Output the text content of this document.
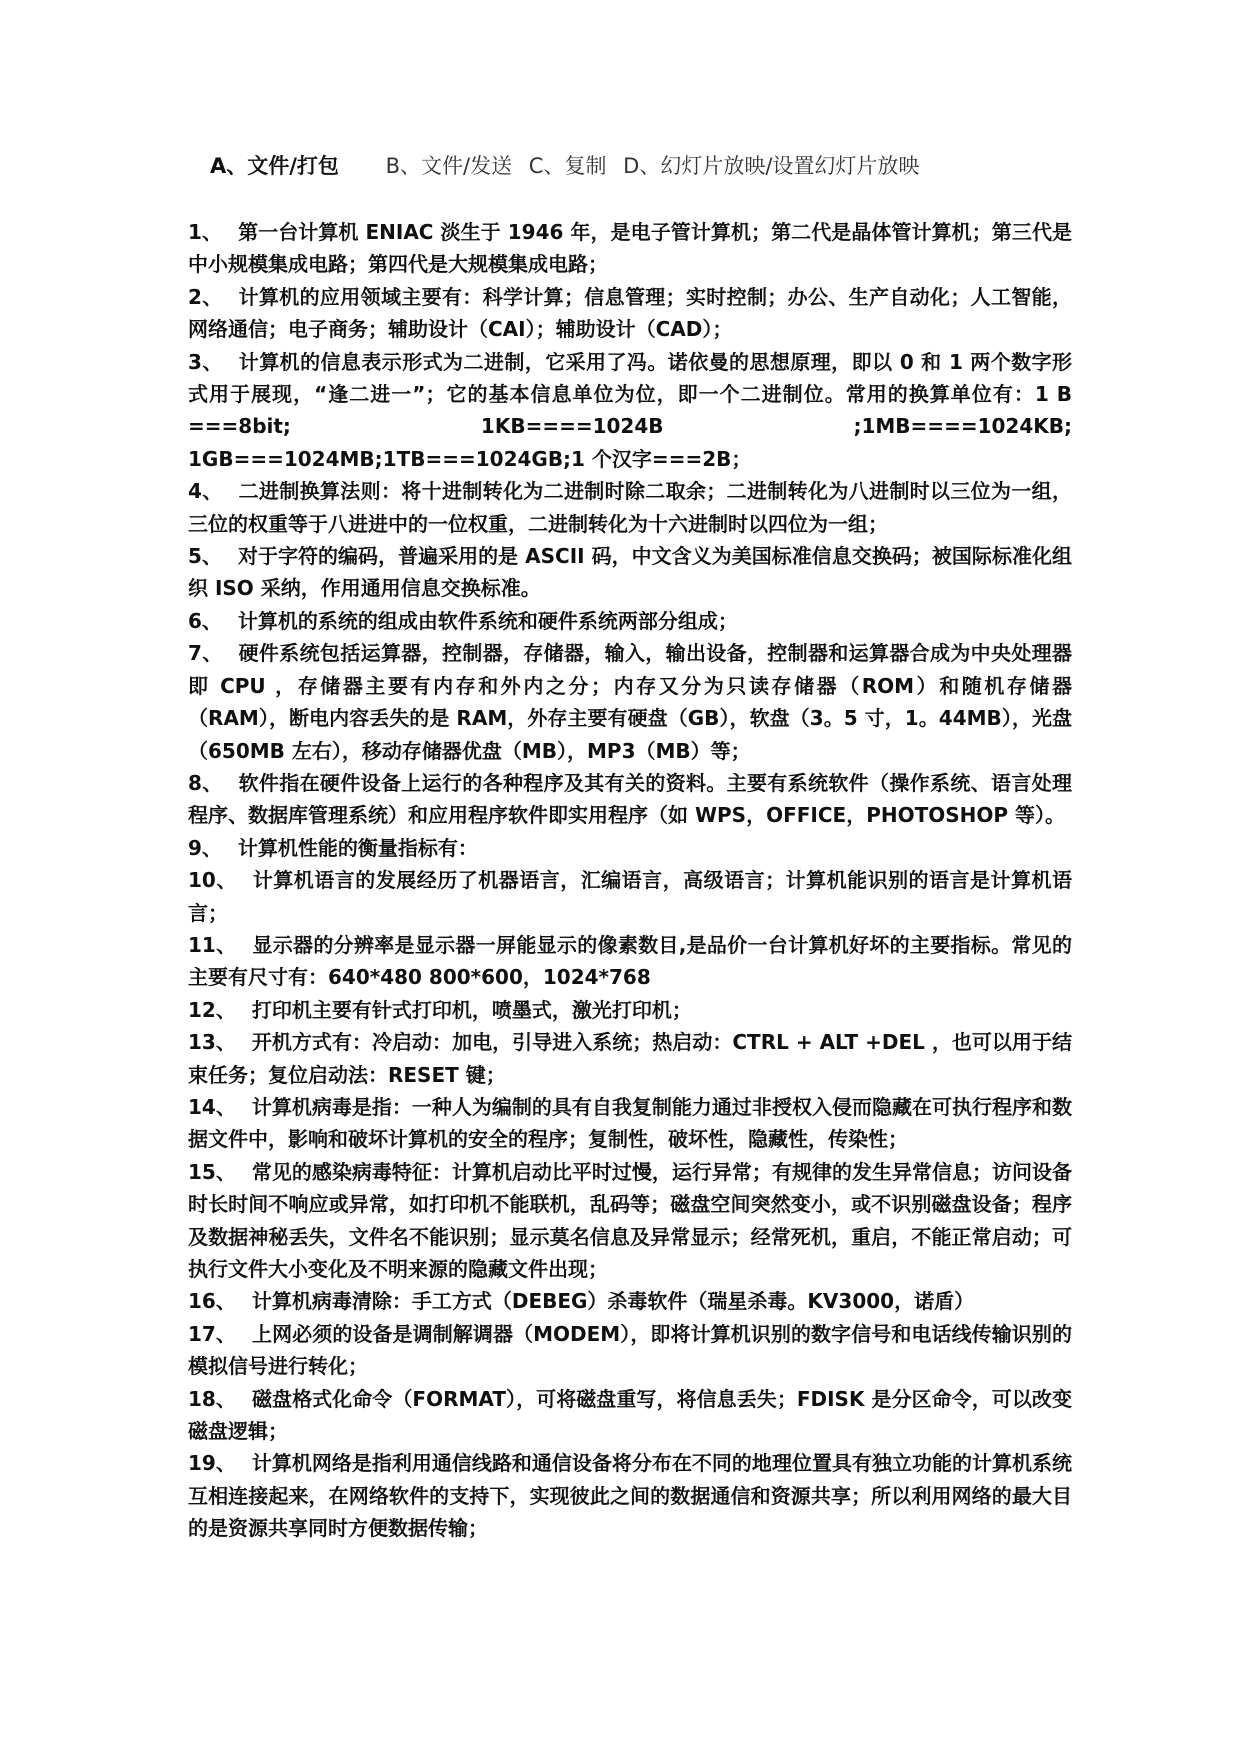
A、文件/打包 B、文件/发送 C、复制 D、幻灯片放映/设置幻灯片放映

1、 第一台计算机 ENIAC 淡生于 1946 年，是电子管计算机；第二代是晶体管计算机；第三代是中小规模集成电路；第四代是大规模集成电路；

2、 计算机的应用领域主要有：科学计算；信息管理；实时控制；办公、生产自动化；人工智能，网络通信；电子商务；辅助设计（CAI）；辅助设计（CAD）；

3、 计算机的信息表示形式为二进制，它采用了冯。诺依曼的思想原理，即以 0 和 1 两个数字形式用于展现，“逢二进一”；它的基本信息单位为位，即一个二进制位。常用的换算单位有：1 B ===8bit; 1KB====1024B ;1MB====1024KB; 1GB===1024MB;1TB===1024GB;1 个汉字===2B；

4、 二进制换算法则：将十进制转化为二进制时除二取余；二进制转化为八进制时以三位为一组，三位的权重等于八进进中的一位权重，二进制转化为十六进制时以四位为一组；

5、 对于字符的编码，普遍采用的是 ASCII 码，中文含义为美国标准信息交换码；被国际标准化组织 ISO 采纳，作用通用信息交换标准。

6、 计算机的系统的组成由软件系统和硬件系统两部分组成；

7、 硬件系统包括运算器，控制器，存储器，输入，输出设备，控制器和运算器合成为中央处理器即 CPU ，存储器主要有内存和外内之分；内存又分为只读存储器（ROM）和随机存储器（RAM），断电内容丢失的是 RAM，外存主要有硬盘（GB），软盘（3。5 寸，1。44MB），光盘（650MB 左右），移动存储器优盘（MB），MP3（MB）等；

8、 软件指在硬件设备上运行的各种程序及其有关的资料。主要有系统软件（操作系统、语言处理程序、数据库管理系统）和应用程序软件即实用程序（如 WPS，OFFICE，PHOTOSHOP 等）。

9、 计算机性能的衡量指标有：

10、 计算机语言的发展经历了机器语言，汇编语言，高级语言；计算机能识别的语言是计算机语言；

11、 显示器的分辨率是显示器一屏能显示的像素数目,是品价一台计算机好坏的主要指标。常见的主要有尺寸有：640*480 800*600，1024*768

12、 打印机主要有针式打印机，喷墨式，激光打印机；

13、 开机方式有：冷启动：加电，引导进入系统；热启动：CTRL + ALT +DEL ，也可以用于结束任务；复位启动法：RESET 键；

14、 计算机病毒是指：一种人为编制的具有自我复制能力通过非授权入侵而隐藏在可执行程序和数据文件中，影响和破坏计算机的安全的程序；复制性，破坏性，隐藏性，传染性；

15、 常见的感染病毒特征：计算机启动比平时过慢，运行异常；有规律的发生异常信息；访问设备时长时间不响应或异常，如打印机不能联机，乱码等；磁盘空间突然变小，或不识别磁盘设备；程序及数据神秘丢失，文件名不能识别；显示莫名信息及异常显示；经常死机，重启，不能正常启动；可执行文件大小变化及不明来源的隐藏文件出现；

16、 计算机病毒清除：手工方式（DEBEG）杀毒软件（瑞星杀毒。KV3000，诺盾）

17、 上网必须的设备是调制解调器（MODEM），即将计算机识别的数字信号和电话线传输识别的模拟信号进行转化；

18、 磁盘格式化命令（FORMAT），可将磁盘重写，将信息丢失；FDISK 是分区命令，可以改变磁盘逻辑；

19、 计算机网络是指利用通信线路和通信设备将分布在不同的地理位置具有独立功能的计算机系统互相连接起来，在网络软件的支持下，实现彼此之间的数据通信和资源共享；所以利用网络的最大目的是资源共享同时方便数据传输；
